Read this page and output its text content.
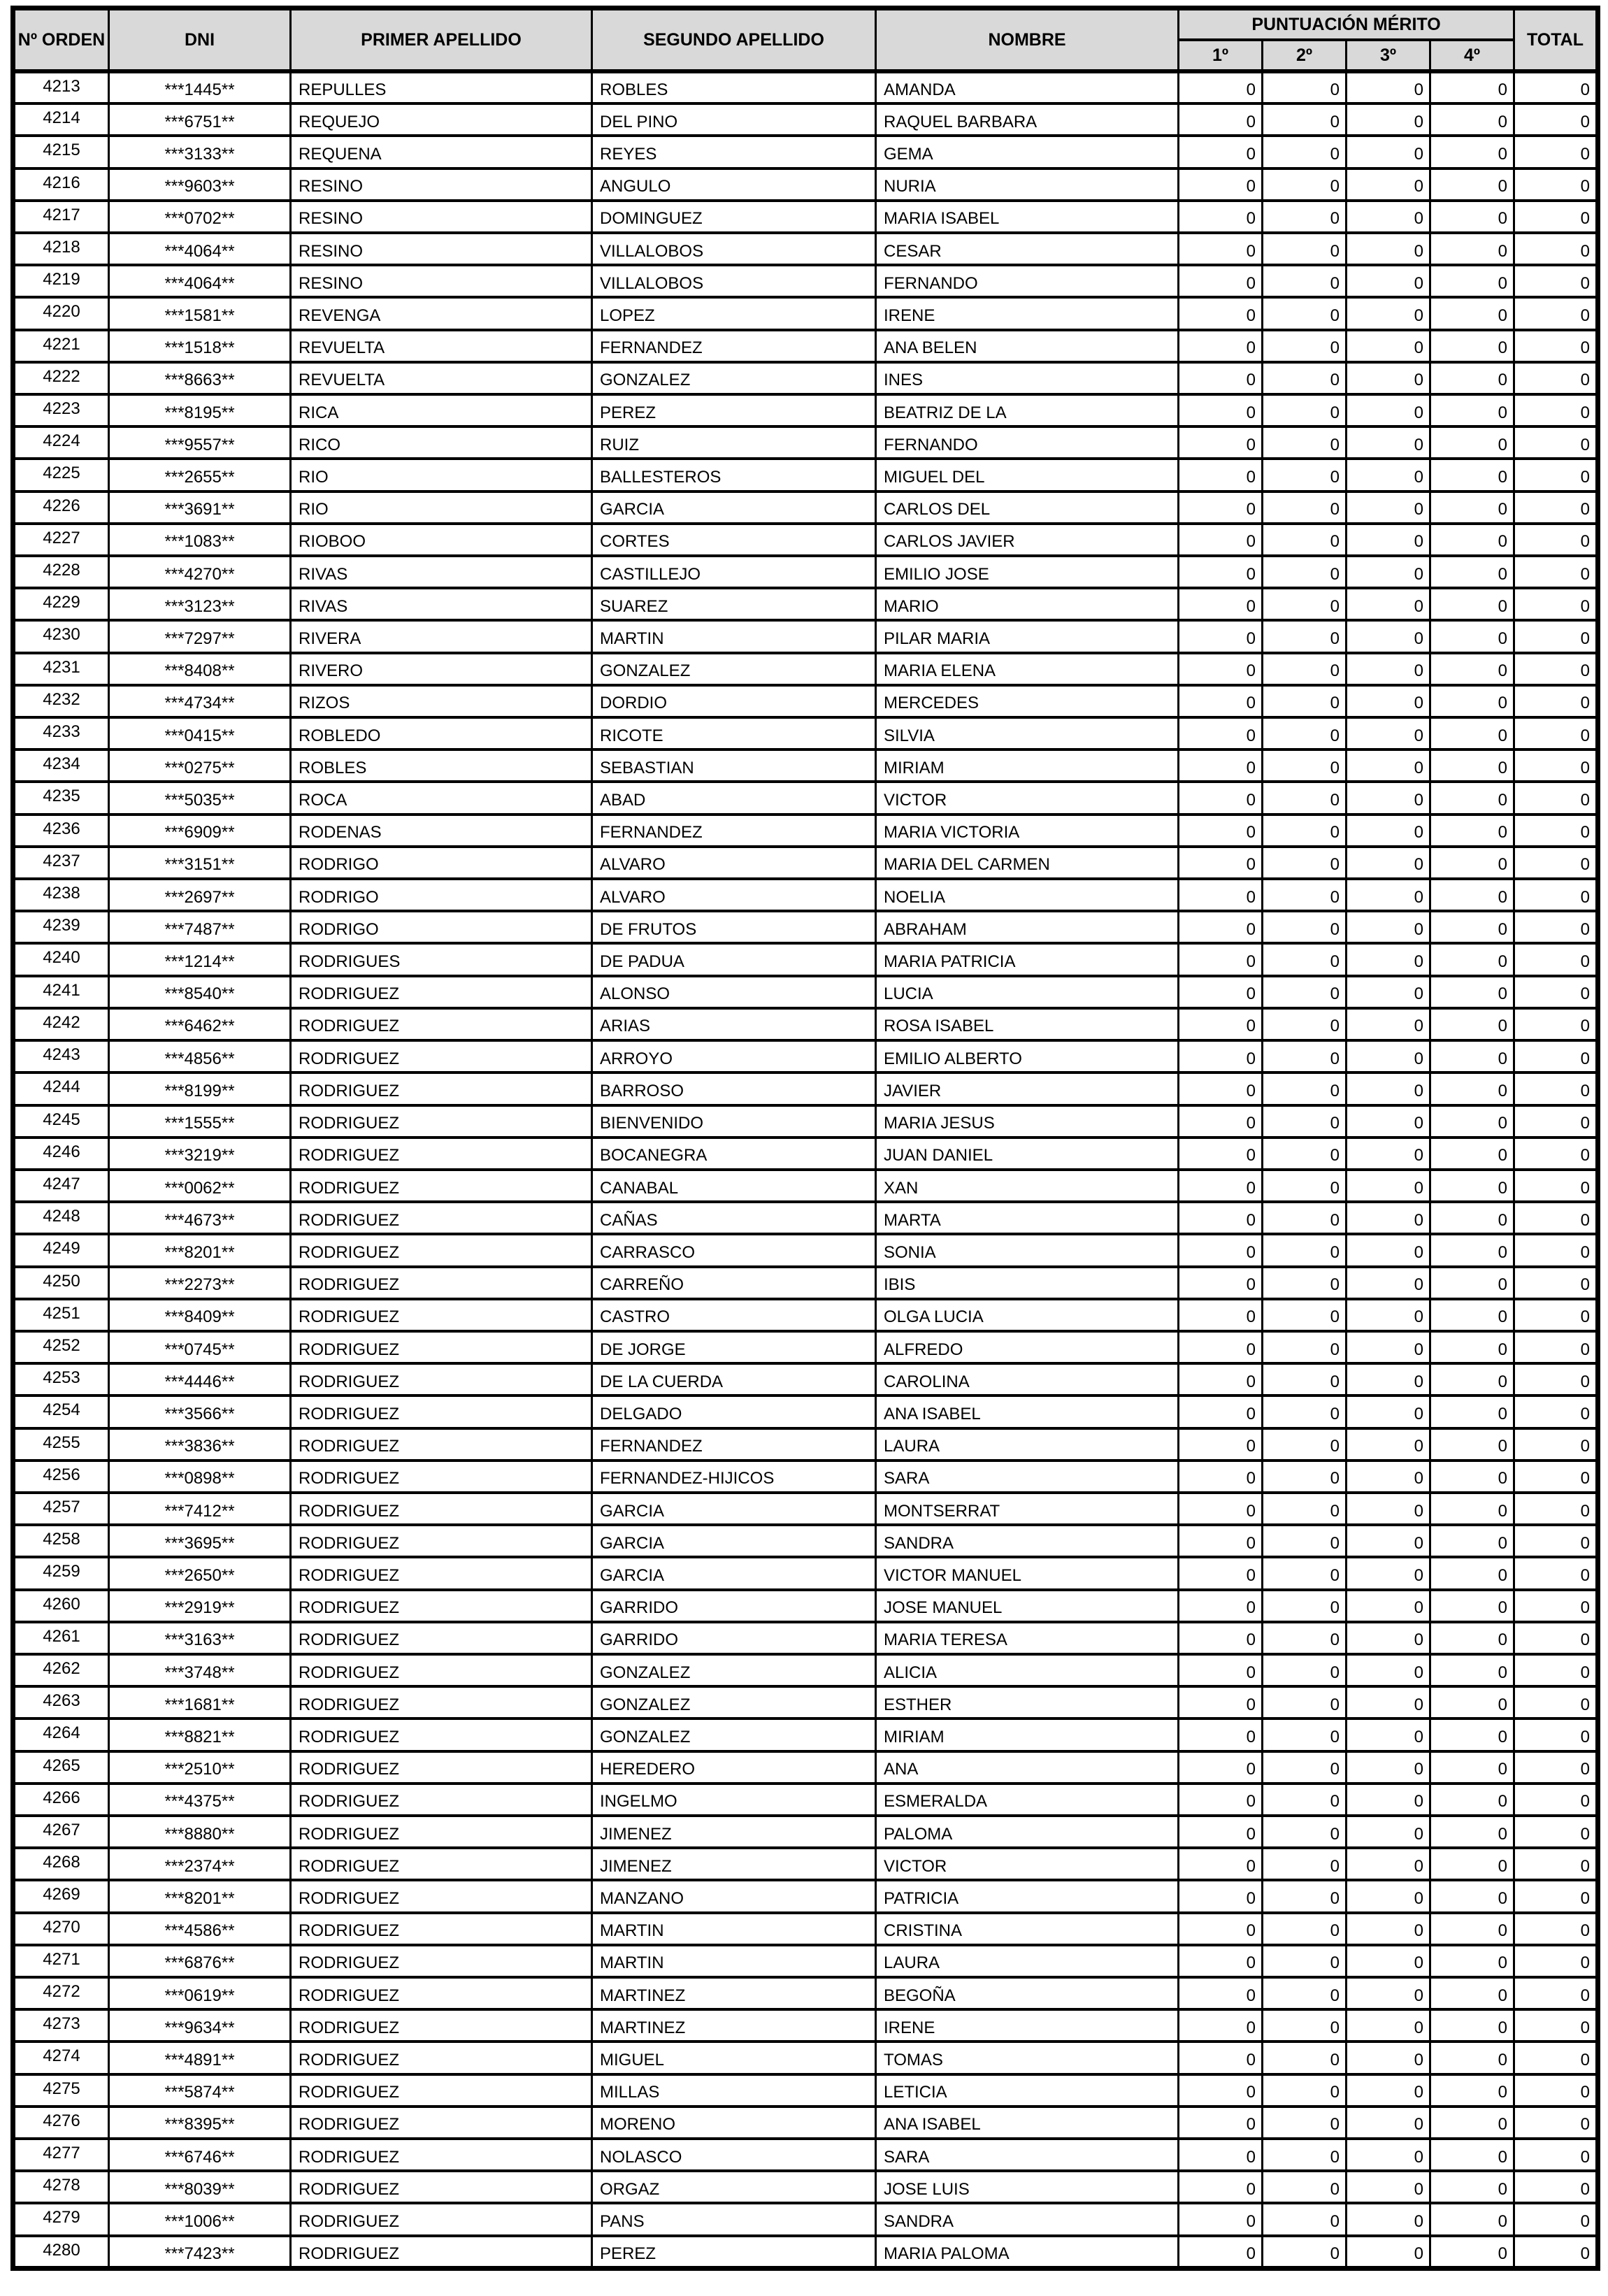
Nº ORDEN	DNI	PRIMER APELLIDO	SEGUNDO APELLIDO	NOMBRE	PUNTUACIÓN MÉRITO				TOTAL
					1º	2º	3º	4º	
4213	***1445**	REPULLES	ROBLES	AMANDA	0	0	0	0	0
4214	***6751**	REQUEJO	DEL PINO	RAQUEL BARBARA	0	0	0	0	0
4215	***3133**	REQUENA	REYES	GEMA	0	0	0	0	0
4216	***9603**	RESINO	ANGULO	NURIA	0	0	0	0	0
4217	***0702**	RESINO	DOMINGUEZ	MARIA ISABEL	0	0	0	0	0
4218	***4064**	RESINO	VILLALOBOS	CESAR	0	0	0	0	0
4219	***4064**	RESINO	VILLALOBOS	FERNANDO	0	0	0	0	0
4220	***1581**	REVENGA	LOPEZ	IRENE	0	0	0	0	0
4221	***1518**	REVUELTA	FERNANDEZ	ANA BELEN	0	0	0	0	0
4222	***8663**	REVUELTA	GONZALEZ	INES	0	0	0	0	0
4223	***8195**	RICA	PEREZ	BEATRIZ DE LA	0	0	0	0	0
4224	***9557**	RICO	RUIZ	FERNANDO	0	0	0	0	0
4225	***2655**	RIO	BALLESTEROS	MIGUEL DEL	0	0	0	0	0
4226	***3691**	RIO	GARCIA	CARLOS DEL	0	0	0	0	0
4227	***1083**	RIOBOO	CORTES	CARLOS JAVIER	0	0	0	0	0
4228	***4270**	RIVAS	CASTILLEJO	EMILIO JOSE	0	0	0	0	0
4229	***3123**	RIVAS	SUAREZ	MARIO	0	0	0	0	0
4230	***7297**	RIVERA	MARTIN	PILAR MARIA	0	0	0	0	0
4231	***8408**	RIVERO	GONZALEZ	MARIA ELENA	0	0	0	0	0
4232	***4734**	RIZOS	DORDIO	MERCEDES	0	0	0	0	0
4233	***0415**	ROBLEDO	RICOTE	SILVIA	0	0	0	0	0
4234	***0275**	ROBLES	SEBASTIAN	MIRIAM	0	0	0	0	0
4235	***5035**	ROCA	ABAD	VICTOR	0	0	0	0	0
4236	***6909**	RODENAS	FERNANDEZ	MARIA VICTORIA	0	0	0	0	0
4237	***3151**	RODRIGO	ALVARO	MARIA DEL CARMEN	0	0	0	0	0
4238	***2697**	RODRIGO	ALVARO	NOELIA	0	0	0	0	0
4239	***7487**	RODRIGO	DE FRUTOS	ABRAHAM	0	0	0	0	0
4240	***1214**	RODRIGUES	DE PADUA	MARIA PATRICIA	0	0	0	0	0
4241	***8540**	RODRIGUEZ	ALONSO	LUCIA	0	0	0	0	0
4242	***6462**	RODRIGUEZ	ARIAS	ROSA ISABEL	0	0	0	0	0
4243	***4856**	RODRIGUEZ	ARROYO	EMILIO ALBERTO	0	0	0	0	0
4244	***8199**	RODRIGUEZ	BARROSO	JAVIER	0	0	0	0	0
4245	***1555**	RODRIGUEZ	BIENVENIDO	MARIA JESUS	0	0	0	0	0
4246	***3219**	RODRIGUEZ	BOCANEGRA	JUAN DANIEL	0	0	0	0	0
4247	***0062**	RODRIGUEZ	CANABAL	XAN	0	0	0	0	0
4248	***4673**	RODRIGUEZ	CAÑAS	MARTA	0	0	0	0	0
4249	***8201**	RODRIGUEZ	CARRASCO	SONIA	0	0	0	0	0
4250	***2273**	RODRIGUEZ	CARREÑO	IBIS	0	0	0	0	0
4251	***8409**	RODRIGUEZ	CASTRO	OLGA LUCIA	0	0	0	0	0
4252	***0745**	RODRIGUEZ	DE JORGE	ALFREDO	0	0	0	0	0
4253	***4446**	RODRIGUEZ	DE LA CUERDA	CAROLINA	0	0	0	0	0
4254	***3566**	RODRIGUEZ	DELGADO	ANA ISABEL	0	0	0	0	0
4255	***3836**	RODRIGUEZ	FERNANDEZ	LAURA	0	0	0	0	0
4256	***0898**	RODRIGUEZ	FERNANDEZ-HIJICOS	SARA	0	0	0	0	0
4257	***7412**	RODRIGUEZ	GARCIA	MONTSERRAT	0	0	0	0	0
4258	***3695**	RODRIGUEZ	GARCIA	SANDRA	0	0	0	0	0
4259	***2650**	RODRIGUEZ	GARCIA	VICTOR MANUEL	0	0	0	0	0
4260	***2919**	RODRIGUEZ	GARRIDO	JOSE MANUEL	0	0	0	0	0
4261	***3163**	RODRIGUEZ	GARRIDO	MARIA TERESA	0	0	0	0	0
4262	***3748**	RODRIGUEZ	GONZALEZ	ALICIA	0	0	0	0	0
4263	***1681**	RODRIGUEZ	GONZALEZ	ESTHER	0	0	0	0	0
4264	***8821**	RODRIGUEZ	GONZALEZ	MIRIAM	0	0	0	0	0
4265	***2510**	RODRIGUEZ	HEREDERO	ANA	0	0	0	0	0
4266	***4375**	RODRIGUEZ	INGELMO	ESMERALDA	0	0	0	0	0
4267	***8880**	RODRIGUEZ	JIMENEZ	PALOMA	0	0	0	0	0
4268	***2374**	RODRIGUEZ	JIMENEZ	VICTOR	0	0	0	0	0
4269	***8201**	RODRIGUEZ	MANZANO	PATRICIA	0	0	0	0	0
4270	***4586**	RODRIGUEZ	MARTIN	CRISTINA	0	0	0	0	0
4271	***6876**	RODRIGUEZ	MARTIN	LAURA	0	0	0	0	0
4272	***0619**	RODRIGUEZ	MARTINEZ	BEGOÑA	0	0	0	0	0
4273	***9634**	RODRIGUEZ	MARTINEZ	IRENE	0	0	0	0	0
4274	***4891**	RODRIGUEZ	MIGUEL	TOMAS	0	0	0	0	0
4275	***5874**	RODRIGUEZ	MILLAS	LETICIA	0	0	0	0	0
4276	***8395**	RODRIGUEZ	MORENO	ANA ISABEL	0	0	0	0	0
4277	***6746**	RODRIGUEZ	NOLASCO	SARA	0	0	0	0	0
4278	***8039**	RODRIGUEZ	ORGAZ	JOSE LUIS	0	0	0	0	0
4279	***1006**	RODRIGUEZ	PANS	SANDRA	0	0	0	0	0
4280	***7423**	RODRIGUEZ	PEREZ	MARIA PALOMA	0	0	0	0	0
